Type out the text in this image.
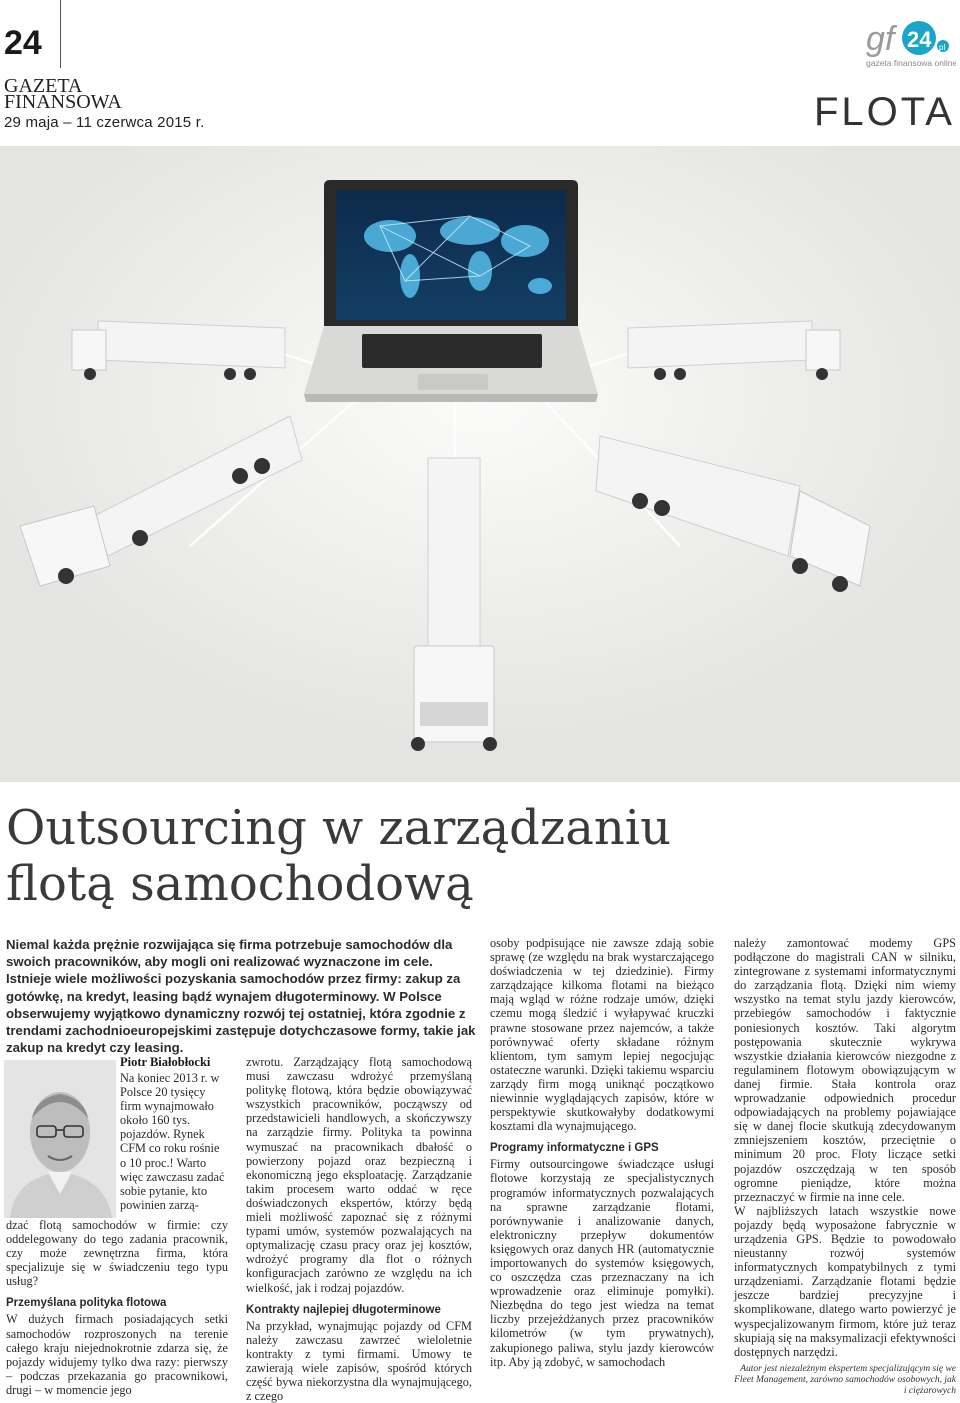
24
GAZETA
FINANSOWA
29 maja – 11 czerwca 2015 r.
gf 24 pl
gazeta finansowa online
FLOTA
Outsourcing w zarządzaniu
flotą samochodową

Niemal każda prężnie rozwijająca się firma potrzebuje samochodów dla swoich pracowników, aby mogli oni realizować wyznaczone im cele. Istnieje wiele możliwości pozyskania samochodów przez firmy: zakup za gotówkę, na kredyt, leasing bądź wynajem długoterminowy. W Polsce obserwujemy wyjątkowo dynamiczny rozwój tej ostatniej, która zgodnie z trendami zachodnioeuropejskimi zastępuje dotychczasowe formy, takie jak zakup na kredyt czy leasing.

Piotr Białobłocki

Na koniec 2013 r. w Polsce 20 tysięcy firm wynajmowało około 160 tys. pojazdów. Rynek CFM co roku rośnie o 10 proc.! Warto więc zawczasu zadać sobie pytanie, kto powinien zarzą-

dzać flotą samochodów w firmie: czy oddelegowany do tego zadania pracownik, czy może zewnętrzna firma, która specjalizuje się w świadczeniu tego typu usług?

Przemyślana polityka flotowa

W dużych firmach posiadających setki samochodów rozproszonych na terenie całego kraju niejednokrotnie zdarza się, że pojazdy widujemy tylko dwa razy: pierwszy – podczas przekazania go pracownikowi, drugi – w momencie jego

zwrotu. Zarządzający flotą samochodową musi zawczasu wdrożyć przemyślaną politykę flotową, która będzie obowiązywać wszystkich pracowników, począwszy od przedstawicieli handlowych, a skończywszy na zarządzie firmy. Polityka ta powinna wymuszać na pracownikach dbałość o powierzony pojazd oraz bezpieczną i ekonomiczną jego eksploatację. Zarządzanie takim procesem warto oddać w ręce doświadczonych ekspertów, którzy będą mieli możliwość zapoznać się z różnymi typami umów, systemów pozwalających na optymalizację czasu pracy oraz jej kosztów, wdrożyć programy dla flot o różnych konfiguracjach zarówno ze względu na ich wielkość, jak i rodzaj pojazdów.

Kontrakty najlepiej długoterminowe

Na przykład, wynajmując pojazdy od CFM należy zawczasu zawrzeć wieloletnie kontrakty z tymi firmami. Umowy te zawierają wiele zapisów, spośród których część bywa niekorzystna dla wynajmującego, z czego

osoby podpisujące nie zawsze zdają sobie sprawę (ze względu na brak wystarczającego doświadczenia w tej dziedzinie). Firmy zarządzające kilkoma flotami na bieżąco mają wgląd w różne rodzaje umów, dzięki czemu mogą śledzić i wyłapywać kruczki prawne stosowane przez najemców, a także porównywać oferty składane różnym klientom, tym samym lepiej negocjując ostateczne warunki. Dzięki takiemu wsparciu zarządy firm mogą uniknąć początkowo niewinnie wyglądających zapisów, które w perspektywie skutkowałyby dodatkowymi kosztami dla wynajmującego.

Programy informatyczne i GPS

Firmy outsourcingowe świadczące usługi flotowe korzystają ze specjalistycznych programów informatycznych pozwalających na sprawne zarządzanie flotami, porównywanie i analizowanie danych, elektroniczny przepływ dokumentów księgowych oraz danych HR (automatycznie importowanych do systemów księgowych, co oszczędza czas przeznaczany na ich wprowadzenie oraz eliminuje pomyłki). Niezbędna do tego jest wiedza na temat liczby przejeżdżanych przez pracowników kilometrów (w tym prywatnych), zakupionego paliwa, stylu jazdy kierowców itp. Aby ją zdobyć, w samochodach

należy zamontować modemy GPS podłączone do magistrali CAN w silniku, zintegrowane z systemami informatycznymi do zarządzania flotą. Dzięki nim wiemy wszystko na temat stylu jazdy kierowców, przebiegów samochodów i faktycznie poniesionych kosztów. Taki algorytm postępowania skutecznie wykrywa wszystkie działania kierowców niezgodne z regulaminem flotowym obowiązującym w danej firmie. Stała kontrola oraz wprowadzanie odpowiednich procedur odpowiadających na problemy pojawiające się w danej flocie skutkują zdecydowanym zmniejszeniem kosztów, przeciętnie o minimum 20 proc. Floty liczące setki pojazdów oszczędzają w ten sposób ogromne pieniądze, które można przeznaczyć w firmie na inne cele.

W najbliższych latach wszystkie nowe pojazdy będą wyposażone fabrycznie w urządzenia GPS. Będzie to powodowało nieustanny rozwój systemów informatycznych kompatybilnych z tymi urządzeniami. Zarządzanie flotami będzie jeszcze bardziej precyzyjne i skomplikowane, dlatego warto powierzyć je wyspecjalizowanym firmom, które już teraz skupiają się na maksymalizacji efektywności dostępnych narzędzi.

Autor jest niezależnym ekspertem specjalizującym się we Fleet Management, zarówno samochodów osobowych, jak i ciężarowych
